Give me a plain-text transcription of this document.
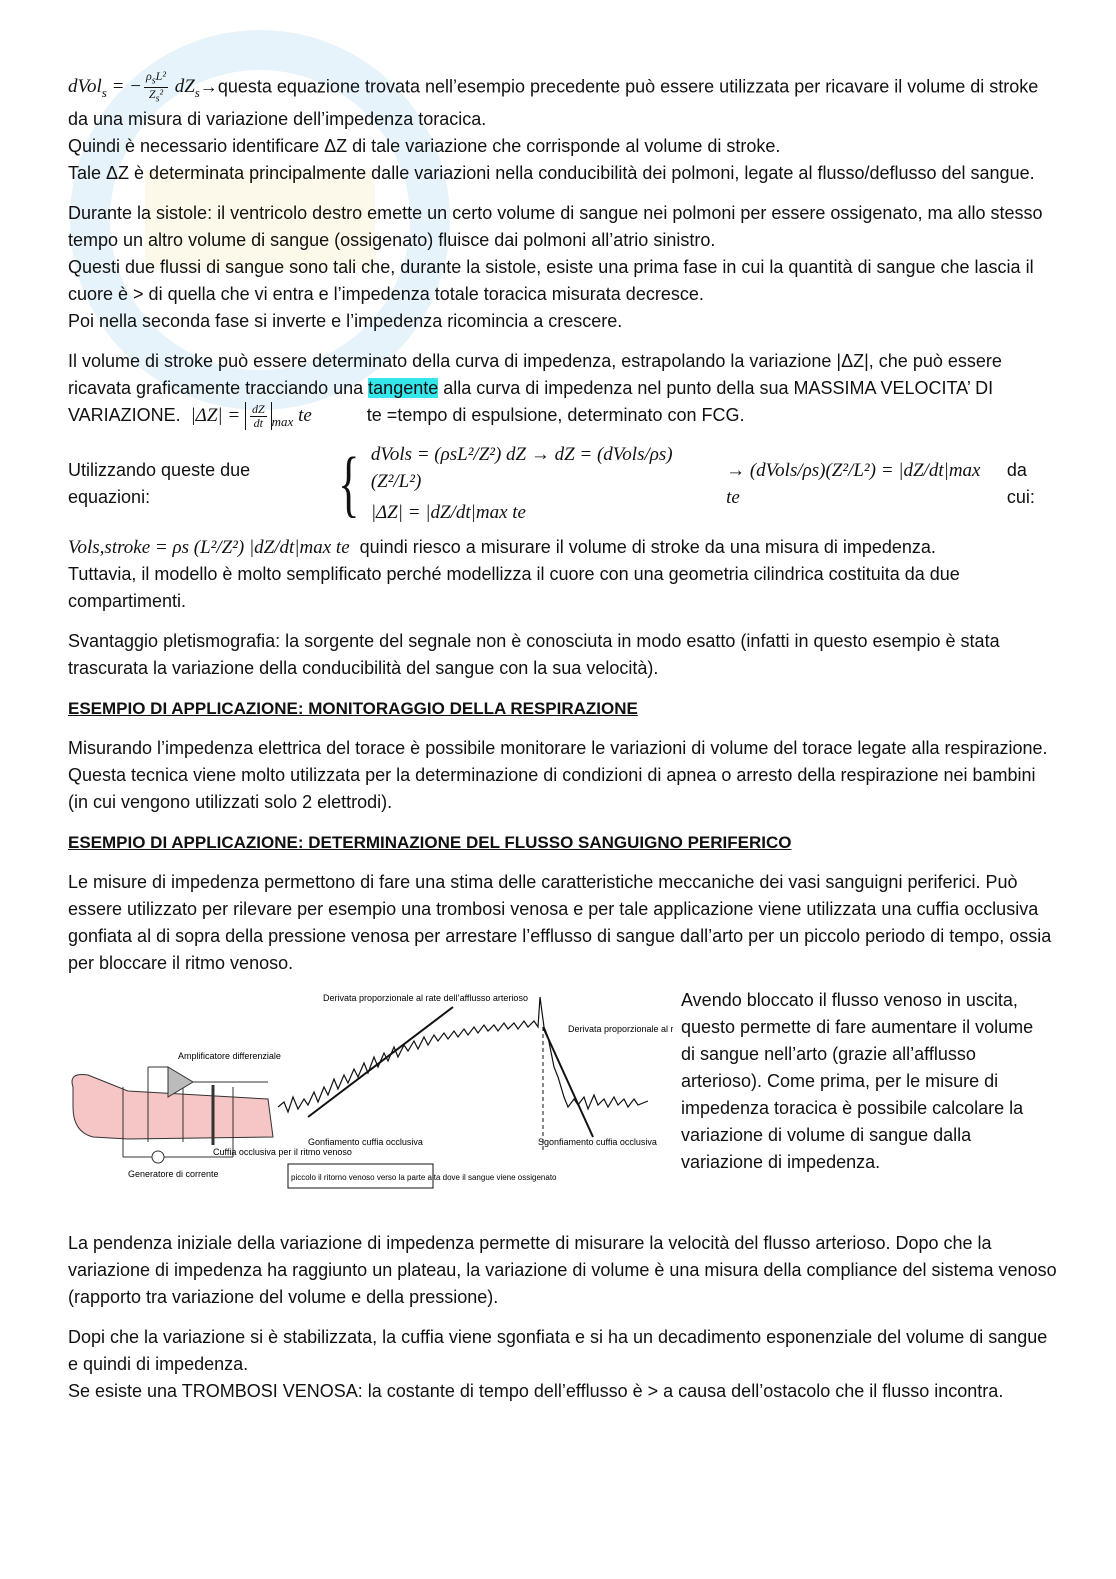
dVol$_s$ = − $\frac{\rho_sL^2}{Z_s^2}$ $dZ_s\to questa$ equazione trovata nell’esempio precedente può essere utilizzata per ricavare il volume di stroke da una misura di variazione dell’impedenza toracica.

Quindi è necessario identificare ΔZ di tale variazione che corrisponde al volume di stroke.

Tale ΔZ è determinata principalmente dalle variazioni nella conducibilità dei polmoni, legate al flusso/deflusso del sangue.

Durante la sistole: il ventricolo destro emette un certo volume di sangue nei polmoni per essere ossigenato, ma allo stesso tempo un altro volume di sangue (ossigenato) fluisce dai polmoni all’atrio sinistro.

Questi due flussi di sangue sono tali che, durante la sistole, esiste una prima fase in cui la quantità di sangue che lascia il cuore è > di quella che vi entra e l’impedenza totale toracica misurata decresce.

Poi nella seconda fase si inverte e l’impedenza ricomincia a crescere.

Il volume di stroke può essere determinato della curva di impedenza, estrapolando la variazione |ΔZ|, che può essere ricavata graficamente tracciando una tangente alla curva di impedenza nel punto della sua MASSIMA VELOCITA’ DI VARIAZIONE. $|\Delta Z| = \frac{dZ}{dt} _{max}$ te	te =tempo di espulsione, determinato con FCG.

Utilizzando queste due equazioni:	{ dVols = (ρsL²/Z²) dZ → dZ = (dVols/ρs)(Z²/L²)
|ΔZ| = |dZ/dt|max te
→ (dVols/ρs)(Z²/L²) = |dZ/dt|max te
da cui:

Vols,stroke = ρs (L²/Z²) |dZ/dt|max te quindi riesco a misurare il volume di stroke da una misura di impedenza.

Tuttavia, il modello è molto semplificato perché modellizza il cuore con una geometria cilindrica costituita da due compartimenti.

Svantaggio pletismografia: la sorgente del segnale non è conosciuta in modo esatto (infatti in questo esempio è stata trascurata la variazione della conducibilità del sangue con la sua velocità).

ESEMPIO DI APPLICAZIONE: MONITORAGGIO DELLA RESPIRAZIONE

Misurando l’impedenza elettrica del torace è possibile monitorare le variazioni di volume del torace legate alla respirazione. Questa tecnica viene molto utilizzata per la determinazione di condizioni di apnea o arresto della respirazione nei bambini (in cui vengono utilizzati solo 2 elettrodi).

ESEMPIO DI APPLICAZIONE: DETERMINAZIONE DEL FLUSSO SANGUIGNO PERIFERICO

Le misure di impedenza permettono di fare una stima delle caratteristiche meccaniche dei vasi sanguigni periferici. Può essere utilizzato per rilevare per esempio una trombosi venosa e per tale applicazione viene utilizzata una cuffia occlusiva gonfiata al di sopra della pressione venosa per arrestare l’efflusso di sangue dall’arto per un piccolo periodo di tempo, ossia per bloccare il ritmo venoso.

Amplificatore differenziale
Generatore di corrente
Cuffia occlusiva per il ritmo venoso
Derivata proporzionale al rate dell’afflusso arterioso
Derivata proporzionale al r
Gonfiamento cuffia occlusiva	Sgonfiamento cuffia occlusiva
piccolo il ritorno venoso verso la parte alta dove il sangue viene ossigenato

Avendo bloccato il flusso venoso in uscita, questo permette di fare aumentare il volume di sangue nell’arto (grazie all’afflusso arterioso). Come prima, per le misure di impedenza toracica è possibile calcolare la variazione di volume di sangue dalla variazione di impedenza.

La pendenza iniziale della variazione di impedenza permette di misurare la velocità del flusso arterioso. Dopo che la variazione di impedenza ha raggiunto un plateau, la variazione di volume è una misura della compliance del sistema venoso (rapporto tra variazione del volume e della pressione).

Dopi che la variazione si è stabilizzata, la cuffia viene sgonfiata e si ha un decadimento esponenziale del volume di sangue e quindi di impedenza.

Se esiste una TROMBOSI VENOSA: la costante di tempo dell’efflusso è > a causa dell’ostacolo che il flusso incontra.
